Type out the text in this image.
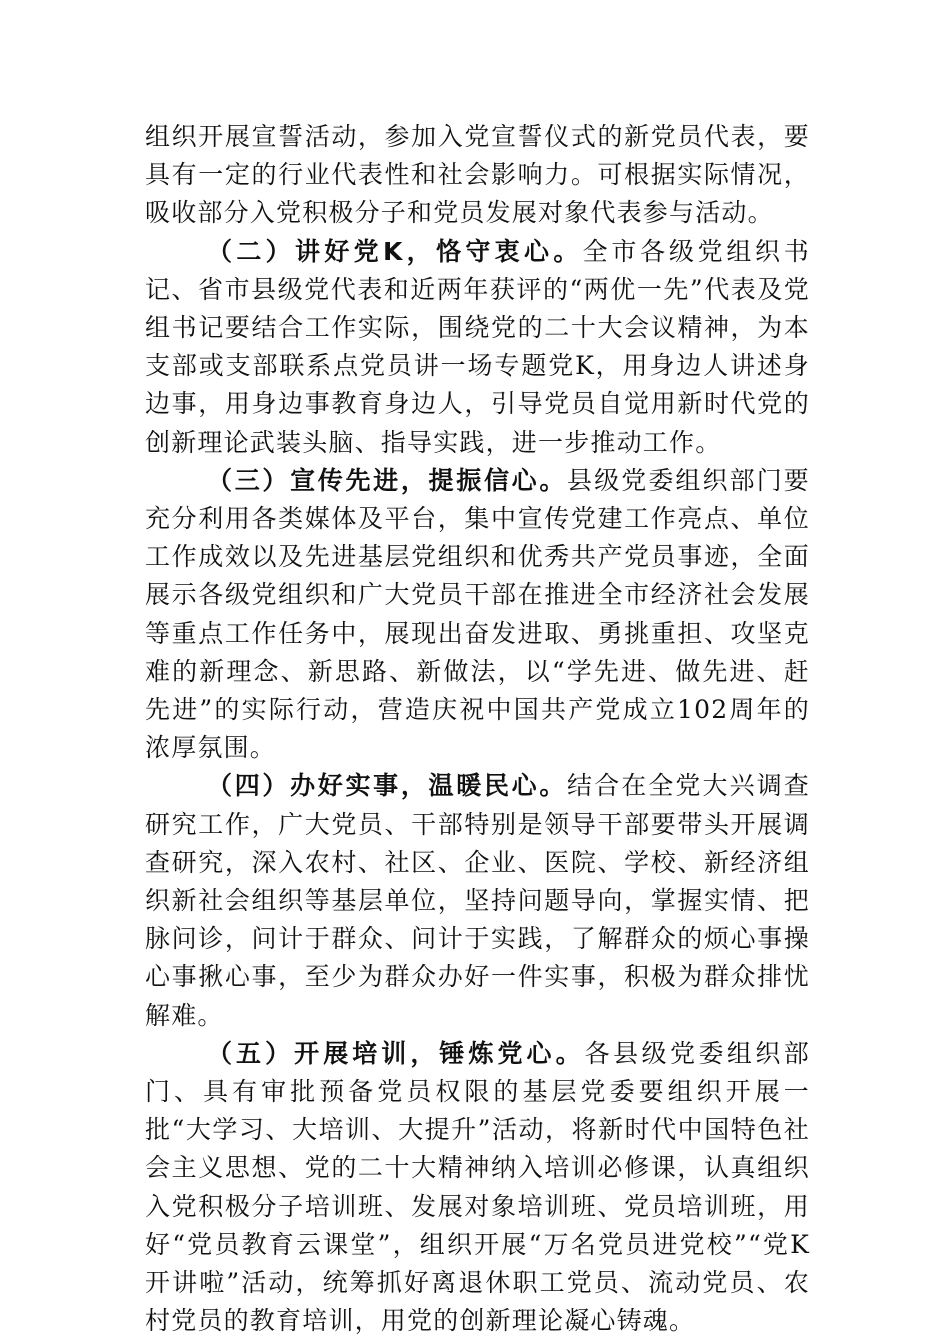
组织开展宣誓活动，参加入党宣誓仪式的新党员代表，要具有一定的行业代表性和社会影响力。可根据实际情况，吸收部分入党积极分子和党员发展对象代表参与活动。

（二）讲好党K，恪守衷心。全市各级党组织书记、省市县级党代表和近两年获评的“两优一先”代表及党组书记要结合工作实际，围绕党的二十大会议精神，为本支部或支部联系点党员讲一场专题党K，用身边人讲述身边事，用身边事教育身边人，引导党员自觉用新时代党的创新理论武装头脑、指导实践，进一步推动工作。

（三）宣传先进，提振信心。县级党委组织部门要充分利用各类媒体及平台，集中宣传党建工作亮点、单位工作成效以及先进基层党组织和优秀共产党员事迹，全面展示各级党组织和广大党员干部在推进全市经济社会发展等重点工作任务中，展现出奋发进取、勇挑重担、攻坚克难的新理念、新思路、新做法，以“学先进、做先进、赶先进”的实际行动，营造庆祝中国共产党成立102周年的浓厚氛围。

（四）办好实事，温暖民心。结合在全党大兴调查研究工作，广大党员、干部特别是领导干部要带头开展调查研究，深入农村、社区、企业、医院、学校、新经济组织新社会组织等基层单位，坚持问题导向，掌握实情、把脉问诊，问计于群众、问计于实践，了解群众的烦心事操心事揪心事，至少为群众办好一件实事，积极为群众排忧解难。

（五）开展培训，锤炼党心。各县级党委组织部门、具有审批预备党员权限的基层党委要组织开展一批“大学习、大培训、大提升”活动，将新时代中国特色社会主义思想、党的二十大精神纳入培训必修课，认真组织入党积极分子培训班、发展对象培训班、党员培训班，用好“党员教育云课堂”，组织开展“万名党员进党校”“党K开讲啦”活动，统筹抓好离退休职工党员、流动党员、农村党员的教育培训，用党的创新理论凝心铸魂。
